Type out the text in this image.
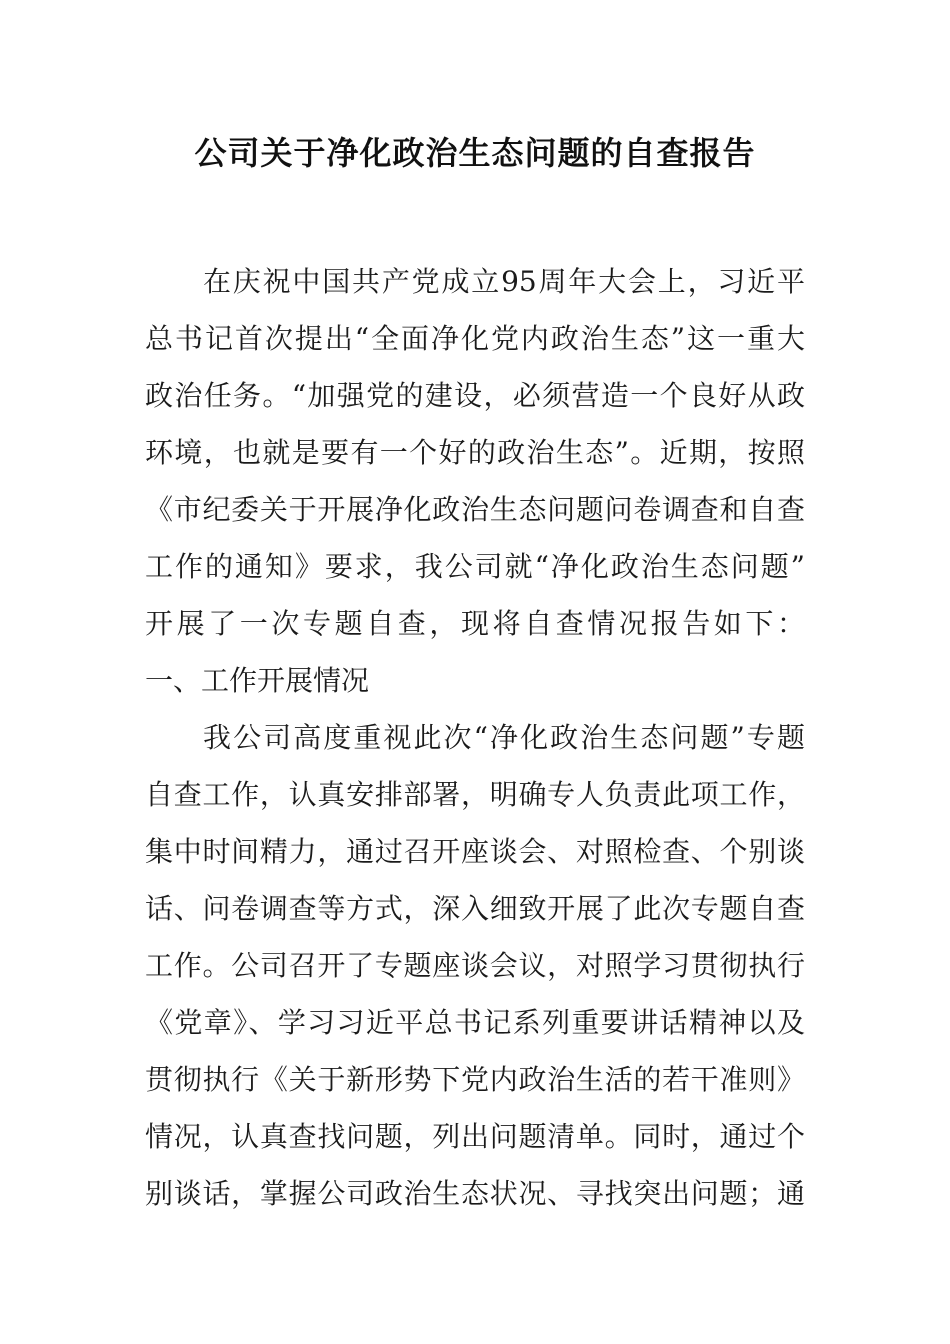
公司关于净化政治生态问题的自查报告
在庆祝中国共产党成立95周年大会上，习近平
总书记首次提出“全面净化党内政治生态”这一重大
政治任务。“加强党的建设，必须营造一个良好从政
环境，也就是要有一个好的政治生态”。近期，按照
《市纪委关于开展净化政治生态问题问卷调查和自查
工作的通知》要求，我公司就“净化政治生态问题”
开展了一次专题自查，现将自查情况报告如下：
一、工作开展情况
我公司高度重视此次“净化政治生态问题”专题
自查工作，认真安排部署，明确专人负责此项工作，
集中时间精力，通过召开座谈会、对照检查、个别谈
话、问卷调查等方式，深入细致开展了此次专题自查
工作。公司召开了专题座谈会议，对照学习贯彻执行
《党章》、学习习近平总书记系列重要讲话精神以及
贯彻执行《关于新形势下党内政治生活的若干准则》
情况，认真查找问题，列出问题清单。同时，通过个
别谈话，掌握公司政治生态状况、寻找突出问题；通
